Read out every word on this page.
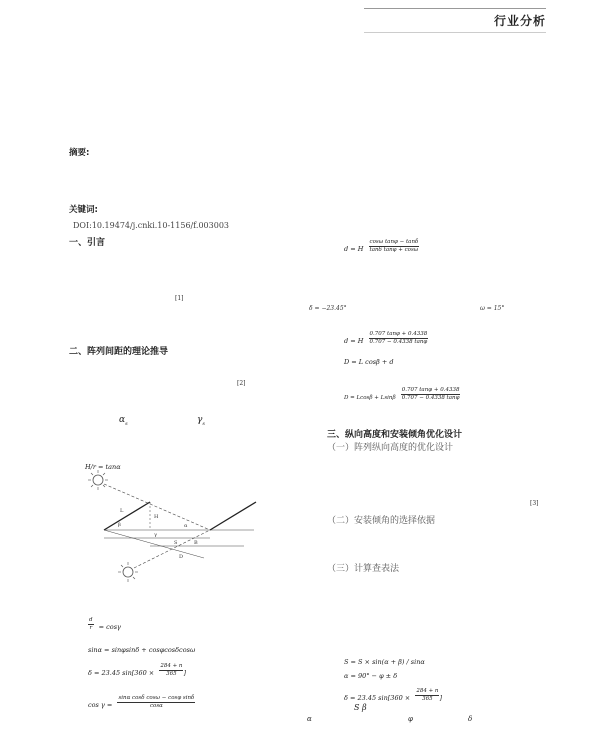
行业分析
摘要:
关键词:
DOI:10.19474/j.cnki.10-1156/f.003003
一、引言
[1]
二、阵列间距的理论推导
[2]
$\alpha_s$	$\gamma_s$
H/r = tanα
L
β
H
α
γ
S	B
D
$\frac{d}{r} = \cos\gamma$
sinα = sinφsinδ + cosφcosδcosω
δ = 23.45 $\sin[360 \times \frac{284 + n}{365}$ ]
$\cos \gamma = \frac{\text{sinα cosδ cosω − cosφ sinδ}}{\cos\alpha}$
d = H $\frac{\text{cosω tanφ − tanδ}}{\text{tanδ tanφ + cosω}}$
δ = −23.45°	ω = 15°
d = H $\frac{0.707 \tan\varphi + 0.4338}{0.707 - 0.4338 \tan\varphi}$
D = L cosβ + d
D = Lcosβ + Lsinβ $\frac{0.707 \tan\varphi + 0.4338}{0.707 - 0.4338 \tan\varphi}$
三、纵向高度和安装倾角优化设计
（一）阵列纵向高度的优化设计
[3]
（二）安装倾角的选择依据
（三）计算查表法
S = S × sin(α + β) / sinα
α = 90° − φ ± δ
δ = 23.45 $\sin[360 \times \frac{284 + n}{365}$ ]
S β
α	φ	δ
